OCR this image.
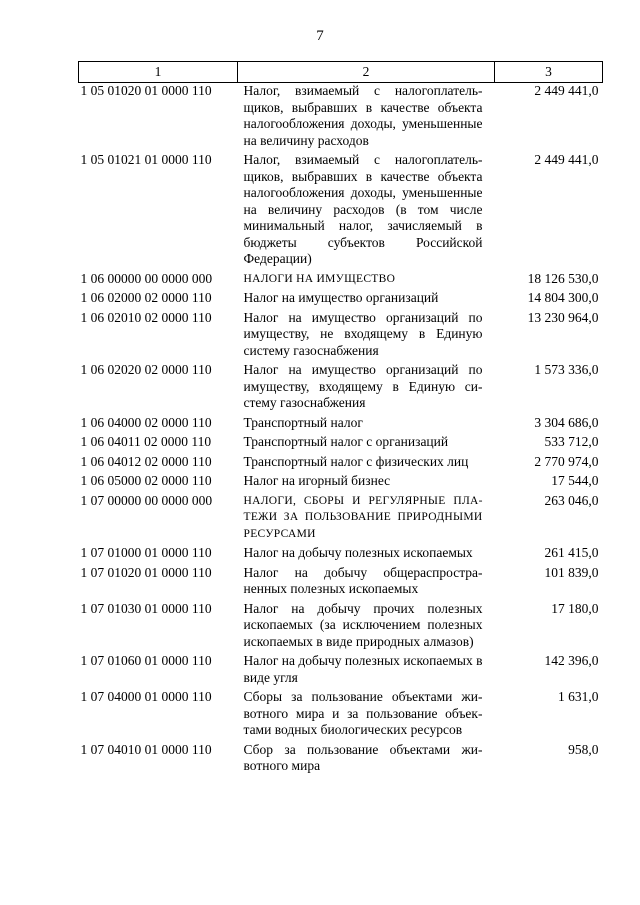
7
1	2	3
1 05 01020 01 0000 110	Налог, взимаемый с налогоплательщиков, выбравших в качестве объекта налогообложения доходы, уменьшенные на величину расходов	2 449 441,0
1 05 01021 01 0000 110	Налог, взимаемый с налогоплательщиков, выбравших в качестве объекта налогообложения доходы, уменьшенные на величину расходов (в том числе минимальный налог, зачисляемый в бюджеты субъектов Российской Федерации)	2 449 441,0
1 06 00000 00 0000 000	НАЛОГИ НА ИМУЩЕСТВО	18 126 530,0
1 06 02000 02 0000 110	Налог на имущество организаций	14 804 300,0
1 06 02010 02 0000 110	Налог на имущество организаций по имуществу, не входящему в Единую систему газоснабжения	13 230 964,0
1 06 02020 02 0000 110	Налог на имущество организаций по имуществу, входящему в Единую систему газоснабжения	1 573 336,0
1 06 04000 02 0000 110	Транспортный налог	3 304 686,0
1 06 04011 02 0000 110	Транспортный налог с организаций	533 712,0
1 06 04012 02 0000 110	Транспортный налог с физических лиц	2 770 974,0
1 06 05000 02 0000 110	Налог на игорный бизнес	17 544,0
1 07 00000 00 0000 000	НАЛОГИ, СБОРЫ И РЕГУЛЯРНЫЕ ПЛАТЕЖИ ЗА ПОЛЬЗОВАНИЕ ПРИРОДНЫМИ РЕСУРСАМИ	263 046,0
1 07 01000 01 0000 110	Налог на добычу полезных ископаемых	261 415,0
1 07 01020 01 0000 110	Налог на добычу общераспространенных полезных ископаемых	101 839,0
1 07 01030 01 0000 110	Налог на добычу прочих полезных ископаемых (за исключением полезных ископаемых в виде природных алмазов)	17 180,0
1 07 01060 01 0000 110	Налог на добычу полезных ископаемых в виде угля	142 396,0
1 07 04000 01 0000 110	Сборы за пользование объектами животного мира и за пользование объектами водных биологических ресурсов	1 631,0
1 07 04010 01 0000 110	Сбор за пользование объектами животного мира	958,0
